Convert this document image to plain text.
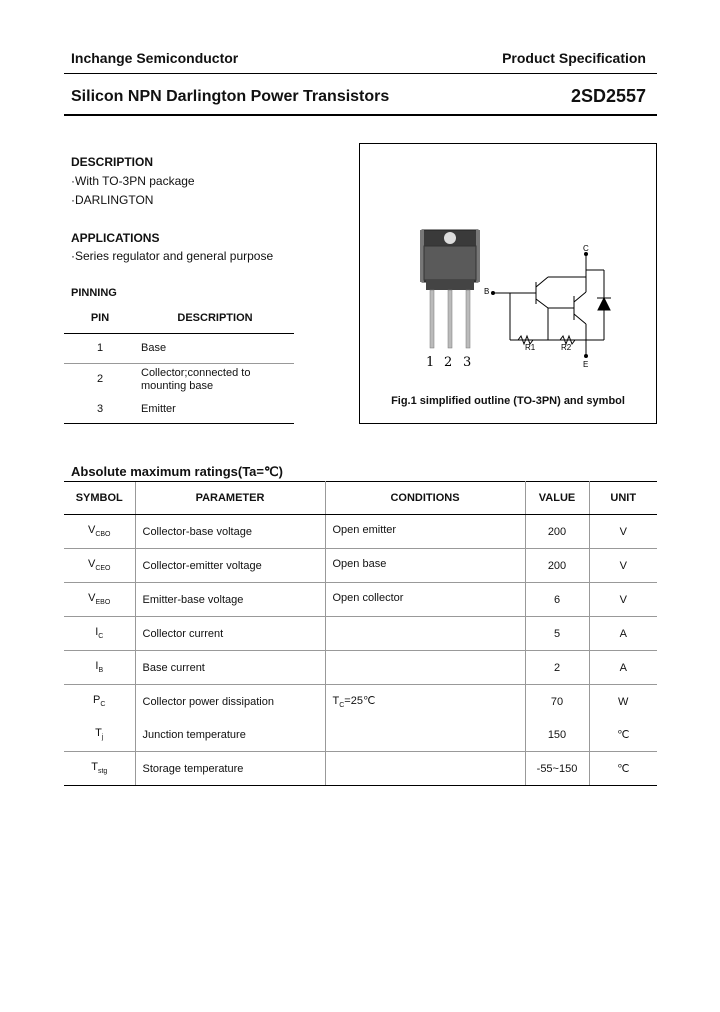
Inchange Semiconductor	Product Specification
Silicon NPN Darlington Power Transistors	2SD2557
DESCRIPTION
·With TO-3PN package
·DARLINGTON
APPLICATIONS
·Series regulator and general purpose
PINNING
PIN	DESCRIPTION
1	Base
2	Collector;connected to mounting base
3	Emitter
1 2 3
C
B
E
R1	R2
Fig.1 simplified outline (TO-3PN) and symbol
Absolute maximum ratings(Ta=℃)
SYMBOL	PARAMETER	CONDITIONS	VALUE	UNIT
$V_{CBO}$	Collector-base voltage	Open emitter	200	V
$V_{CEO}$	Collector-emitter voltage	Open base	200	V
$V_{EBO}$	Emitter-base voltage	Open collector	6	V
$I_C$	Collector current		5	A
$I_B$	Base current		2	A
$P_C$	Collector power dissipation	$T_C=25℃$	70	W
$T_j$	Junction temperature		150	℃
$T_{stg}$	Storage temperature		-55~150	℃
